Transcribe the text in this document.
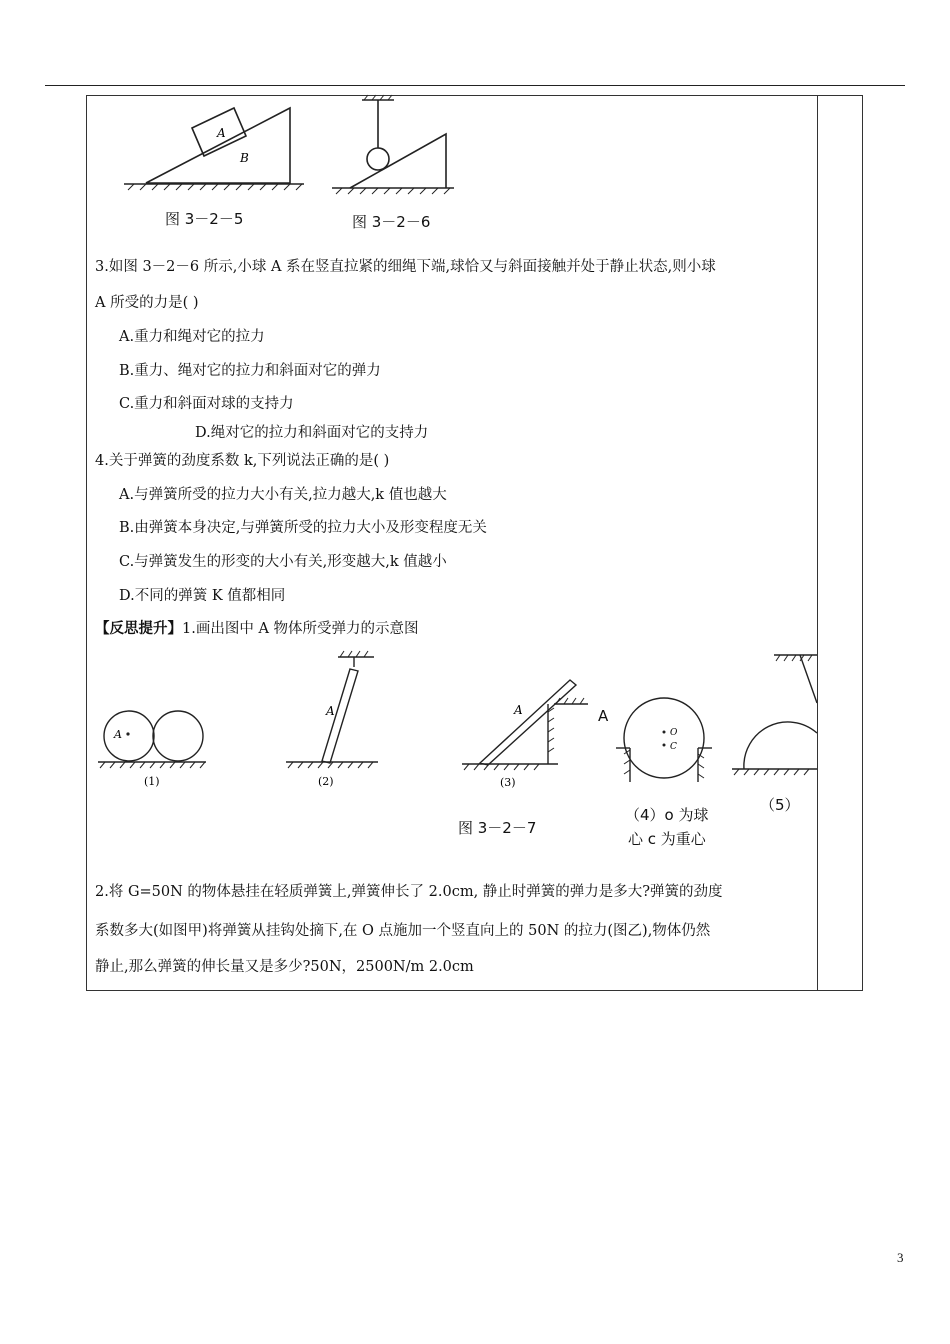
A
B
图 3－2－5	图 3－2－6
3.如图 3－2－6 所示,小球 A 系在竖直拉紧的细绳下端,球恰又与斜面接触并处于静止状态,则小球
A 所受的力是( )
A.重力和绳对它的拉力
B.重力、绳对它的拉力和斜面对它的弹力
C.重力和斜面对球的支持力
D.绳对它的拉力和斜面对它的支持力
4.关于弹簧的劲度系数 k,下列说法正确的是( )
A.与弹簧所受的拉力大小有关,拉力越大,k 值也越大
B.由弹簧本身决定,与弹簧所受的拉力大小及形变程度无关
C.与弹簧发生的形变的大小有关,形变越大,k 值越小
D.不同的弹簧 K 值都相同
【反思提升】1.画出图中 A 物体所受弹力的示意图
A
(1)
A
(2)
A
(3)
图 3－2－7
A
O
C
（4）o 为球
心 c 为重心
（5）
2.将 G=50N 的物体悬挂在轻质弹簧上,弹簧伸长了 2.0cm, 静止时弹簧的弹力是多大?弹簧的劲度
系数多大(如图甲)将弹簧从挂钩处摘下,在 O 点施加一个竖直向上的 50N 的拉力(图乙),物体仍然
静止,那么弹簧的伸长量又是多少?50N，2500N/m 2.0cm
3
